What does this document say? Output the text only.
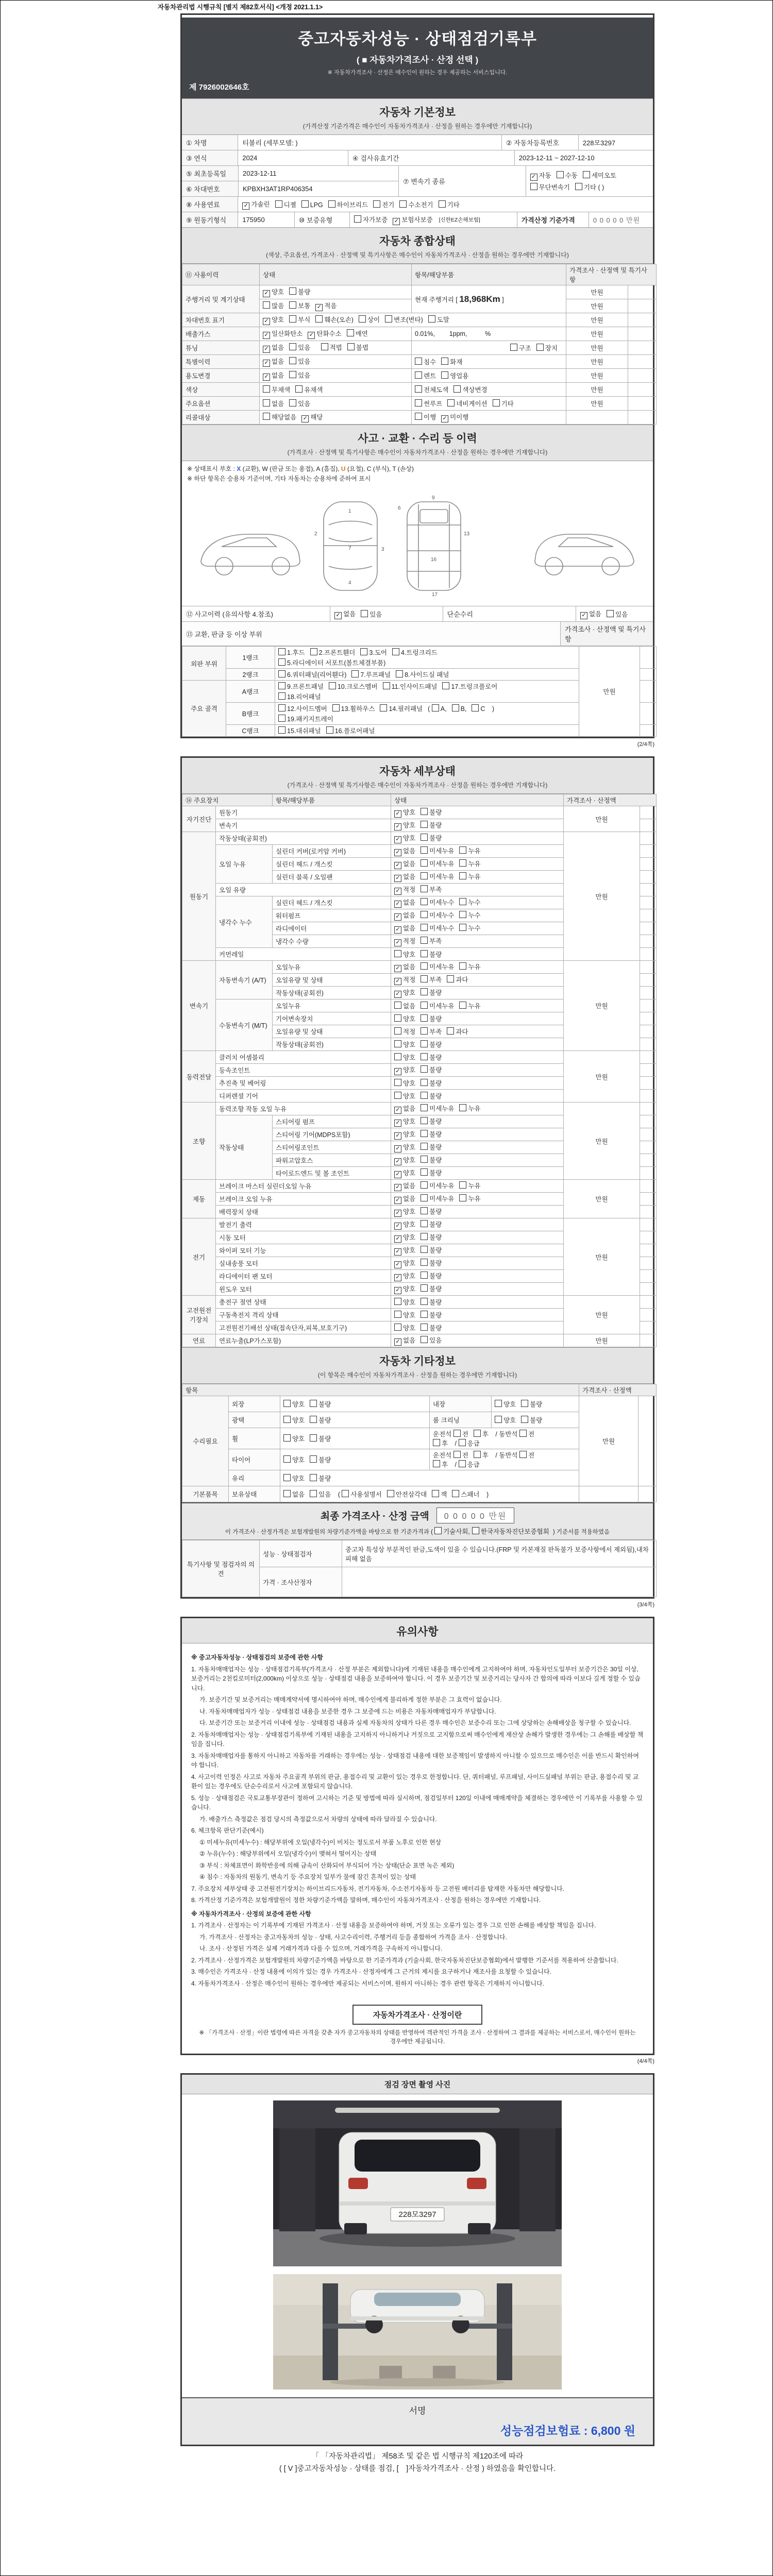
자동차관리법 시행규칙 [별지 제82호서식] <개정 2021.1.1>
중고자동차성능 · 상태점검기록부
( ■ 자동차가격조사 · 산정 선택 )
※ 자동차가격조사 · 산정은 매수인이 원하는 경우 제공하는 서비스입니다.
제 7926002646호
자동차 기본정보
(가격산정 기준가격은 매수인이 자동차가격조사 · 산정을 원하는 경우에만 기재합니다)
① 차명	티볼리 (세부모델: )	② 자동차등록번호	228모3297
③ 연식	2024	④ 검사유효기간	2023-12-11 ~ 2027-12-10
⑤ 최초등록일	2023-12-11
⑥ 차대번호	KPBXH3AT1RP406354
⑦ 변속기 종류
✓ 자동 수동 세미오토
무단변속기 기타 ( )
⑧ 사용연료	✓ 가솔린	디젤	LPG	하이브리드	전기	수소전기	기타
⑨ 원동기형식	175950	⑩ 보증유형	자가보증 ✓ 보험사보증	[신한EZ손해보험]	가격산정 기준가격	0 0 0 0 0 만원
자동차 종합상태
(색상, 주요옵션, 가격조사 · 산정액 및 특기사항은 매수인이 자동차가격조사 · 산정을 원하는 경우에만 기재합니다)
⑪ 사용이력	상태	항목/해당부품	가격조사 · 산정액 및 특기사항	
주행거리 및 계기상태	✓ 양호 불량	현재 주행거리 [ 18,968Km ]	만원	
	많음 보통 ✓ 적음		만원	
차대번호 표기	✓ 양호 부식 훼손(오손) 상이 변조(변타) 도말		만원	
배출가스	✓ 일산화탄소 ✓ 탄화수소 매연	0.01%,        1ppm,          %	만원	
튜닝	✓ 없음 있음 적법 불법	구조 장치	만원	
특별이력	✓ 없음 있음	침수 화재	만원	
용도변경	✓ 없음 있음	렌트 영업용	만원	
색상	무채색 유채색	전체도색 색상변경	만원	
주요옵션	없음 있음	썬루프 네비게이션 기타	만원	
리콜대상	해당없음 ✓ 해당	이행 ✓ 미이행		
사고 · 교환 · 수리 등 이력
(가격조사 · 산정액 및 특기사항은 매수인이 자동차가격조사 · 산정을 원하는 경우에만 기재합니다)
※ 상태표시 부호 : X (교환), W (판금 또는 용접), A (흠집), U (요철), C (부식), T (손상)
※ 하단 항목은 승용차 기준이며, 기타 자동차는 승용차에 준하여 표시
1
2
3
4
6
7
9
13
16
17
⑫ 사고이력 (유의사항 4.참조)	✓ 없음	있음	단순수리	✓ 없음	있음
⑬ 교환, 판금 등 이상 부위
가격조사 · 산정액 및 특기사항
외판 부위	1랭크	1.후드 2.프론트휀더 3.도어 4.트렁크리드
5.라디에이터 서포트(볼트체결부품)	만원	
	2랭크	6.쿼터패널(리어휀다) 7.루프패널 8.사이드실 패널		

주요 골격	A랭크	9.프론트패널 10.크로스멤버 11.인사이드패널 17.트렁크플로어
18.리어패널		

	B랭크	12.사이드멤버 13.휠하우스 14.필러패널 ( A, B, C )
19.패키지트레이		

	C랭크	15.대쉬패널 16.플로어패널		

(2/4쪽)
자동차 세부상태
(가격조사 · 산정액 및 특기사항은 매수인이 자동차가격조사 · 산정을 원하는 경우에만 기재합니다)
⑭ 주요장치		항목/해당부품	상태	가격조사 · 산정액	
자기진단	원동기		✓ 양호 불량	만원	
	변속기		✓ 양호 불량		
원동기	작동상태(공회전)		✓ 양호 불량	만원	
	오일 누유	실린더 커버(로커암 커버)	✓ 없음 미세누유 누유		
		실린더 헤드 / 개스킷	✓ 없음 미세누유 누유		
		실린더 블록 / 오일팬	✓ 없음 미세누유 누유		
	오일 유량		✓ 적정 부족		
	냉각수 누수	실린더 헤드 / 개스킷	✓ 없음 미세누수 누수		
		워터펌프	✓ 없음 미세누수 누수		
		라디에이터	✓ 없음 미세누수 누수		
		냉각수 수량	✓ 적정 부족		
	커먼레일		양호 불량		
변속기	자동변속기 (A/T)	오일누유	✓ 없음 미세누유 누유	만원	
		오일유량 및 상태	✓ 적정 부족 과다		
		작동상태(공회전)	✓ 양호 불량		
	수동변속기 (M/T)	오일누유	없음 미세누유 누유		
		기어변속장치	양호 불량		
		오일유량 및 상태	적정 부족 과다		
		작동상태(공회전)	양호 불량		
동력전달	클러치 어셈블리		양호 불량	만원	
	등속조인트		✓ 양호 불량		
	추진축 및 베어링		양호 불량		
	디퍼렌셜 기어		양호 불량		
조향	동력조향 작동 오일 누유		✓ 없음 미세누유 누유	만원	
	작동상태	스티어링 펌프	✓ 양호 불량		
		스티어링 기어(MDPS포함)	✓ 양호 불량		
		스티어링조인트	✓ 양호 불량		
		파워고압호스	✓ 양호 불량		
		타이로드엔드 및 볼 조인트	✓ 양호 불량		
제동	브레이크 마스터 실린더오일 누유		✓ 없음 미세누유 누유	만원	
	브레이크 오일 누유		✓ 없음 미세누유 누유		
	배력장치 상태		✓ 양호 불량		
전기	발전기 출력		✓ 양호 불량	만원	
	시동 모터		✓ 양호 불량		
	와이퍼 모터 기능		✓ 양호 불량		
	실내송풍 모터		✓ 양호 불량		
	라디에이터 팬 모터		✓ 양호 불량		
	윈도우 모터		✓ 양호 불량		
고전원전기장치	충전구 절연 상태		양호 불량	만원	
	구동축전지 격리 상태		양호 불량		
	고전원전기배선 상태(접속단자,피복,보호기구)		양호 불량		
연료	연료누출(LP가스포함)		✓ 없음 있음	만원	
자동차 기타정보
(이 항목은 매수인이 자동차가격조사 · 산정을 원하는 경우에만 기재합니다)
항목					가격조사 · 산정액	
수리필요	외장	양호 불량	내장	양호 불량	만원	
	광택	양호 불량	룸 크리닝	양호 불량		
	휠	양호 불량	운전석 전 후 / 동반석 전후 / 응급			
	타이어	양호 불량	운전석 전 후 / 동반석 전후 / 응급			
	유리	양호 불량				
기본품목	보유상태	없음 있음 ( 사용설명서 안전삼각대 잭 스패너 )				
최종 가격조사 · 산정 금액	0 0 0 0 0 만원
이 가격조사 · 산정가격은 보험개발원의 차량기준가액을 바탕으로 한 기준가격과 ( 기술사회, 한국자동차진단보증협회 ) 기준서를 적용하였음
특기사항 및 점검자의 의견	성능 · 상태점검자	중고차 특성상 부분적인 판금,도색이 있을 수 있습니다.(FRP 및 카본재질 판독불가 보증사항에서 제외됨),내차 피해 없음
	가격 · 조사산정자	
(3/4쪽)
유의사항
※ 중고자동차성능 · 상태점검의 보증에 관한 사항
1. 자동차매매업자는 성능 · 상태점검기록부(가격조사 · 산정 부분은 제외합니다)에 기재된 내용을 매수인에게 고지하여야 하며, 자동차인도일부터 보증기간은 30일 이상, 보증거리는 2천킬로미터(2,000km) 이상으로 성능 · 상태점검 내용을 보증하여야 합니다. 이 경우 보증기간 및 보증거리는 당사자 간 합의에 따라 이보다 길게 정할 수 있습니다.
가. 보증기간 및 보증거리는 매매계약서에 명시하여야 하며, 매수인에게 불리하게 정한 부분은 그 효력이 없습니다.
나. 자동차매매업자가 성능 · 상태점검 내용을 보증한 경우 그 보증에 드는 비용은 자동차매매업자가 부담합니다.
다. 보증기간 또는 보증거리 이내에 성능 · 상태점검 내용과 실제 자동차의 상태가 다른 경우 매수인은 보증수리 또는 그에 상당하는 손해배상을 청구할 수 있습니다.
2. 자동차매매업자는 성능 · 상태점검기록부에 기재된 내용을 고지하지 아니하거나 거짓으로 고지함으로써 매수인에게 재산상 손해가 발생한 경우에는 그 손해를 배상할 책임을 집니다.
3. 자동차매매업자를 통하지 아니하고 자동차를 거래하는 경우에는 성능 · 상태점검 내용에 대한 보증책임이 발생하지 아니할 수 있으므로 매수인은 이를 반드시 확인하여야 합니다.
4. 사고이력 인정은 사고로 자동차 주요골격 부위의 판금, 용접수리 및 교환이 있는 경우로 한정합니다. 단, 쿼터패널, 루프패널, 사이드실패널 부위는 판금, 용접수리 및 교환이 있는 경우에도 단순수리로서 사고에 포함되지 않습니다.
5. 성능 · 상태점검은 국토교통부장관이 정하여 고시하는 기준 및 방법에 따라 실시하며, 점검일부터 120일 이내에 매매계약을 체결하는 경우에만 이 기록부를 사용할 수 있습니다.
가. 배출가스 측정값은 점검 당시의 측정값으로서 차량의 상태에 따라 달라질 수 있습니다.
6. 체크항목 판단기준(예시)
① 미세누유(미세누수) : 해당부위에 오일(냉각수)이 비치는 정도로서 부품 노후로 인한 현상
② 누유(누수) : 해당부위에서 오일(냉각수)이 맺혀서 떨어지는 상태
③ 부식 : 차체표면이 화학반응에 의해 금속이 산화되어 부식되어 가는 상태(단순 표면 녹은 제외)
④ 침수 : 자동차의 원동기, 변속기 등 주요장치 일부가 물에 잠긴 흔적이 있는 상태
7. 주요장치 세부상태 중 고전원전기장치는 하이브리드자동차, 전기자동차, 수소전기자동차 등 고전원 배터리를 탑재한 자동차만 해당합니다.
8. 가격산정 기준가격은 보험개발원이 정한 차량기준가액을 말하며, 매수인이 자동차가격조사 · 산정을 원하는 경우에만 기재합니다.
※ 자동차가격조사 · 산정의 보증에 관한 사항
1. 가격조사 · 산정자는 이 기록부에 기재된 가격조사 · 산정 내용을 보증하여야 하며, 거짓 또는 오류가 있는 경우 그로 인한 손해를 배상할 책임을 집니다.
가. 가격조사 · 산정자는 중고자동차의 성능 · 상태, 사고수리이력, 주행거리 등을 종합하여 가격을 조사 · 산정합니다.
나. 조사 · 산정된 가격은 실제 거래가격과 다를 수 있으며, 거래가격을 구속하지 아니합니다.
2. 가격조사 · 산정가격은 보험개발원의 차량기준가액을 바탕으로 한 기준가격과 (기술사회, 한국자동차진단보증협회)에서 발행한 기준서를 적용하여 산출합니다.
3. 매수인은 가격조사 · 산정 내용에 이의가 있는 경우 가격조사 · 산정자에게 그 근거의 제시를 요구하거나 재조사를 요청할 수 있습니다.
4. 자동차가격조사 · 산정은 매수인이 원하는 경우에만 제공되는 서비스이며, 원하지 아니하는 경우 관련 항목은 기재하지 아니합니다.
자동차가격조사 · 산정이란
※ 「가격조사 · 산정」이란 법령에 따른 자격을 갖춘 자가 중고자동차의 상태를 반영하여 객관적인 가격을 조사 · 산정하여 그 결과를 제공하는 서비스로서, 매수인이 원하는 경우에만 제공됩니다.
(4/4쪽)
점검 장면 촬영 사진
228모3297
서명
성능점검보험료 : 6,800 원
「 「자동차관리법」 제58조 및 같은 법 시행규칙 제120조에 따라
( [ V ]중고자동차성능 · 상태를 점검, [　]자동차가격조사 · 산정 ) 하였음을 확인합니다.
